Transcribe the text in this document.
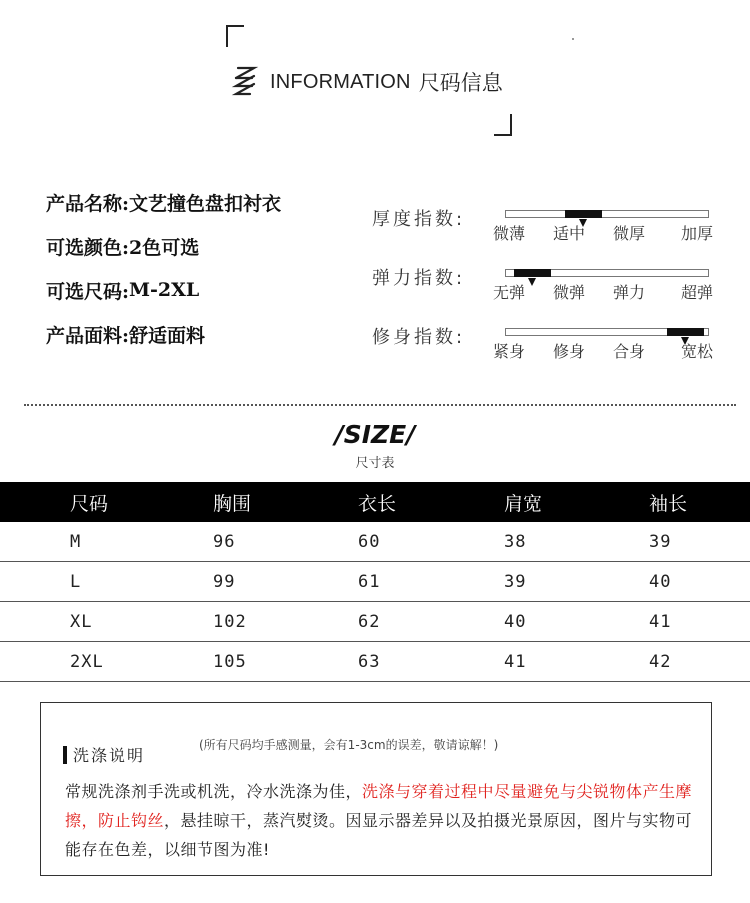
INFORMATION 尺码信息
产品名称: 文艺撞色盘扣衬衣
可选颜色: 2色可选
可选尺码: M-2XL
产品面料: 舒适面料
厚度指数:
微薄 适中 微厚 加厚
弹力指数:
无弹 微弹 弹力 超弹
修身指数:
紧身 修身 合身 宽松
/SIZE/
尺寸表
尺码	胸围	衣长	肩宽	袖长
M	96	60	38	39
L	99	61	39	40
XL	102	62	40	41
2XL	105	63	41	42
洗涤说明
(所有尺码均手感测量，会有1-3cm的误差，敬请谅解！)
常规洗涤剂手洗或机洗，冷水洗涤为佳，洗涤与穿着过程中尽量避免与尖锐物体产生摩擦，防止钩丝，悬挂晾干，蒸汽熨烫。因显示器差异以及拍摄光景原因，图片与实物可能存在色差，以细节图为准!
